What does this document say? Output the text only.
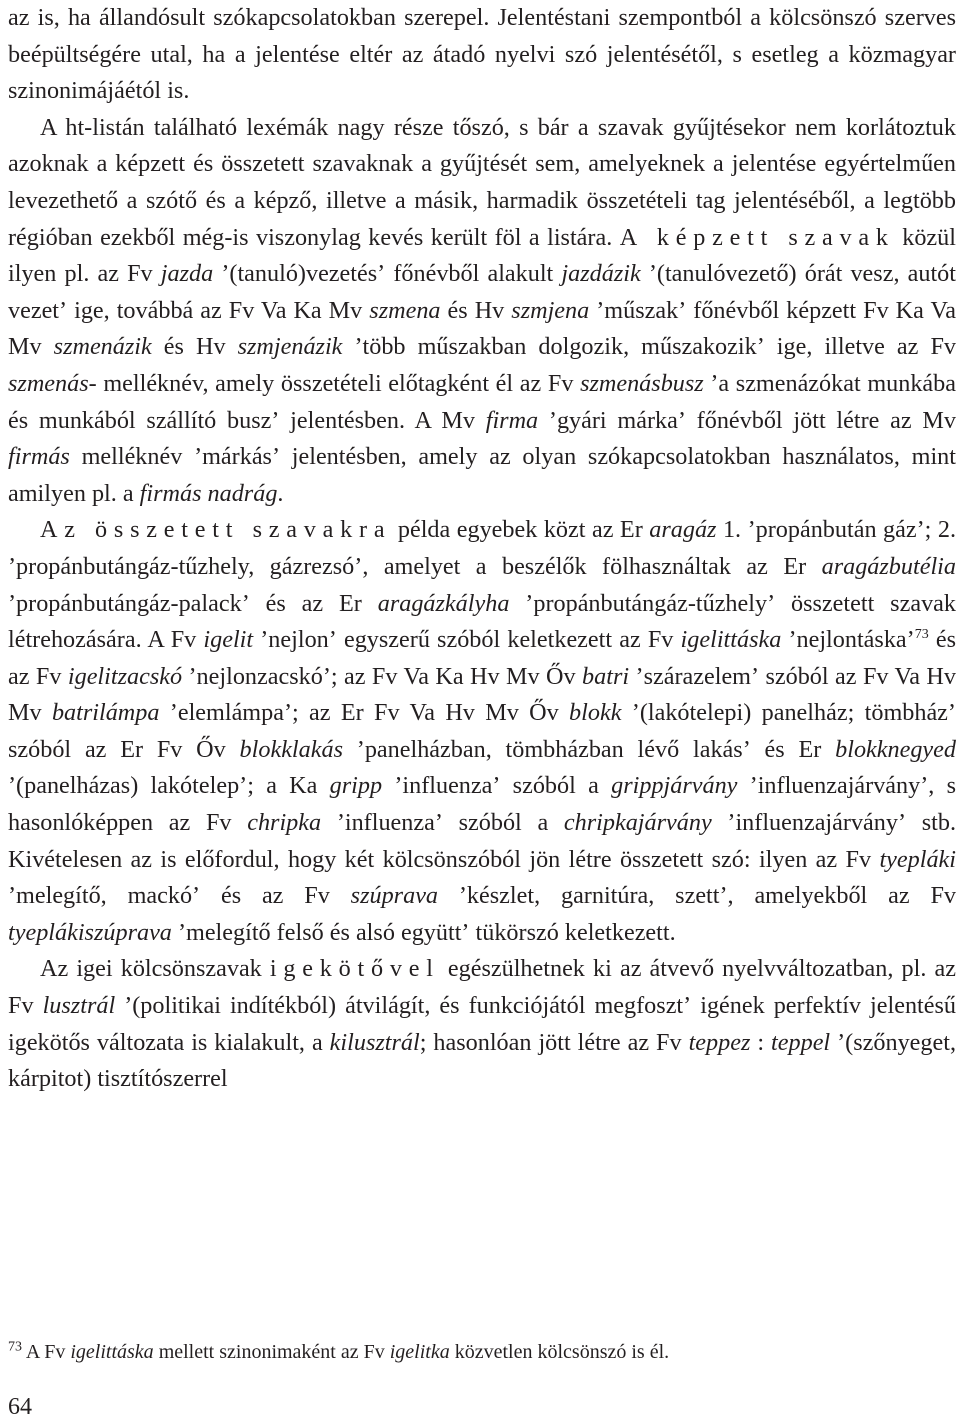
az is, ha állandósult szókapcsolatokban szerepel. Jelentéstani szempontból a kölcsönszó szerves beépültségére utal, ha a jelentése eltér az átadó nyelvi szó jelentésétől, s esetleg a közmagyar szinonimájáétól is.

A ht-listán található lexémák nagy része tőszó, s bár a szavak gyűjtésekor nem korlátoztuk azoknak a képzett és összetett szavaknak a gyűjtését sem, amelyeknek a jelentése egyértelműen levezethető a szótő és a képző, illetve a másik, harmadik összetételi tag jelentéséből, a legtöbb régióban ezekből még-is viszonylag kevés került föl a listára. A képzett szavak közül ilyen pl. az Fv jazda ʼ(tanuló)vezetésʼ főnévből alakult jazdázik ʼ(tanulóvezető) órát vesz, autót vezetʼ ige, továbbá az Fv Va Ka Mv szmena és Hv szmjena ʼműszakʼ főnévből képzett Fv Ka Va Mv szmenázik és Hv szmjenázik ʼtöbb műszakban dolgozik, műszakozikʼ ige, illetve az Fv szmenás- melléknév, amely összetételi előtagként él az Fv szmenásbusz ʼa szmenázókat munkába és munkából szállító buszʼ jelentésben. A Mv firma ʼgyári márkaʼ főnévből jött létre az Mv firmás melléknév ʼmárkásʼ jelentésben, amely az olyan szókapcsolatokban használatos, mint amilyen pl. a firmás nadrág.

Az összetett szavakra példa egyebek közt az Er aragáz 1. ʼpropánbután gázʼ; 2. ʼpropánbutángáz-tűzhely, gázrezsóʼ, amelyet a beszélők fölhasználtak az Er aragázbutélia ʼpropánbutángáz-palackʼ és az Er aragázkályha ʼpropánbutángáz-tűzhelyʼ összetett szavak létrehozására. A Fv igelit ʼnejlonʼ egyszerű szóból keletkezett az Fv igelittáska ʼnejlontáskaʼ$^{73}$ és az Fv igelitzacskó ʼnejlonzacskóʼ; az Fv Va Ka Hv Mv Őv batri ʼszárazelemʼ szóból az Fv Va Hv Mv batrilámpa ʼelemlámpaʼ; az Er Fv Va Hv Mv Őv blokk ʼ(lakótelepi) panelház; tömbházʼ szóból az Er Fv Őv blokklakás ʼpanelházban, tömbházban lévő lakásʼ és Er blokknegyed ʼ(panelházas) lakótelepʼ; a Ka gripp ʼinfluenzaʼ szóból a grippjárvány ʼinfluenzajárványʼ, s hasonlóképpen az Fv chripka ʼinfluenzaʼ szóból a chripkajárvány ʼinfluenzajárványʼ stb. Kivételesen az is előfordul, hogy két kölcsönszóból jön létre összetett szó: ilyen az Fv tyepláki ʼmelegítő, mackóʼ és az Fv szúprava ʼkészlet, garnitúra, szettʼ, amelyekből az Fv tyeplákiszúprava ʼmelegítő felső és alsó együttʼ tükörszó keletkezett.

Az igei kölcsönszavak igekötővel egészülhetnek ki az átvevő nyelvváltozatban, pl. az Fv lusztrál ʼ(politikai indítékból) átvilágít, és funkciójától megfosztʼ igének perfektív jelentésű igekötős változata is kialakult, a kilusztrál; hasonlóan jött létre az Fv teppez : teppel ʼ(szőnyeget, kárpitot) tisztítószerrel

$^{73}$ A Fv igelittáska mellett szinonimaként az Fv igelitka közvetlen kölcsönszó is él.
64
